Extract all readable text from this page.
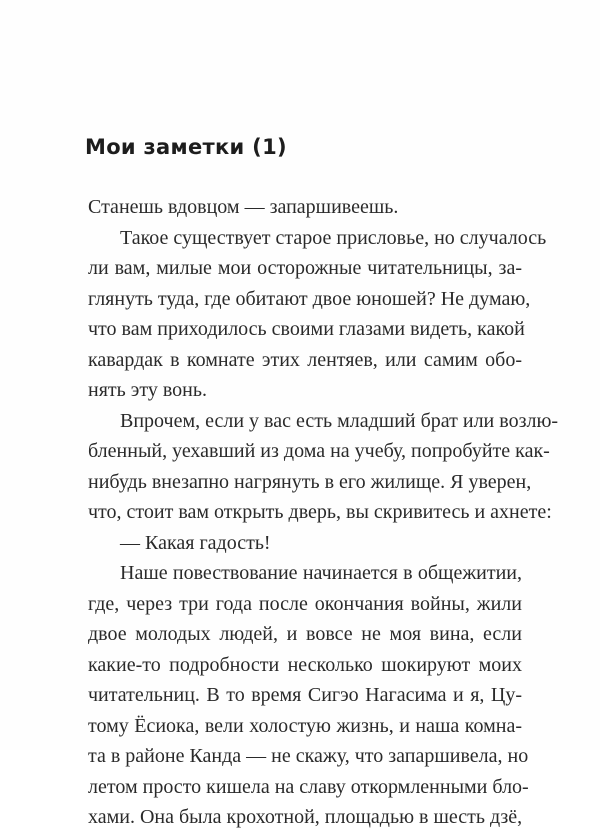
Мои заметки (1)
Станешь вдовцом — запаршивеешь.
Такое существует старое присловье, но случалось
ли вам, милые мои осторожные читательницы, за-
глянуть туда, где обитают двое юношей? Не думаю,
что вам приходилось своими глазами видеть, какой
кавардак в комнате этих лентяев, или самим обо-
нять эту вонь.
Впрочем, если у вас есть младший брат или возлю-
бленный, уехавший из дома на учебу, попробуйте как-
нибудь внезапно нагрянуть в его жилище. Я уверен,
что, стоит вам открыть дверь, вы скривитесь и ахнете:
— Какая гадость!
Наше повествование начинается в общежитии,
где, через три года после окончания войны, жили
двое молодых людей, и вовсе не моя вина, если
какие-то подробности несколько шокируют моих
читательниц. В то время Сигэо Нагасима и я, Цу-
тому Ёсиока, вели холостую жизнь, и наша комна-
та в районе Канда — не скажу, что запаршивела, но
летом просто кишела на славу откормленными бло-
хами. Она была крохотной, площадью в шесть дзё,
